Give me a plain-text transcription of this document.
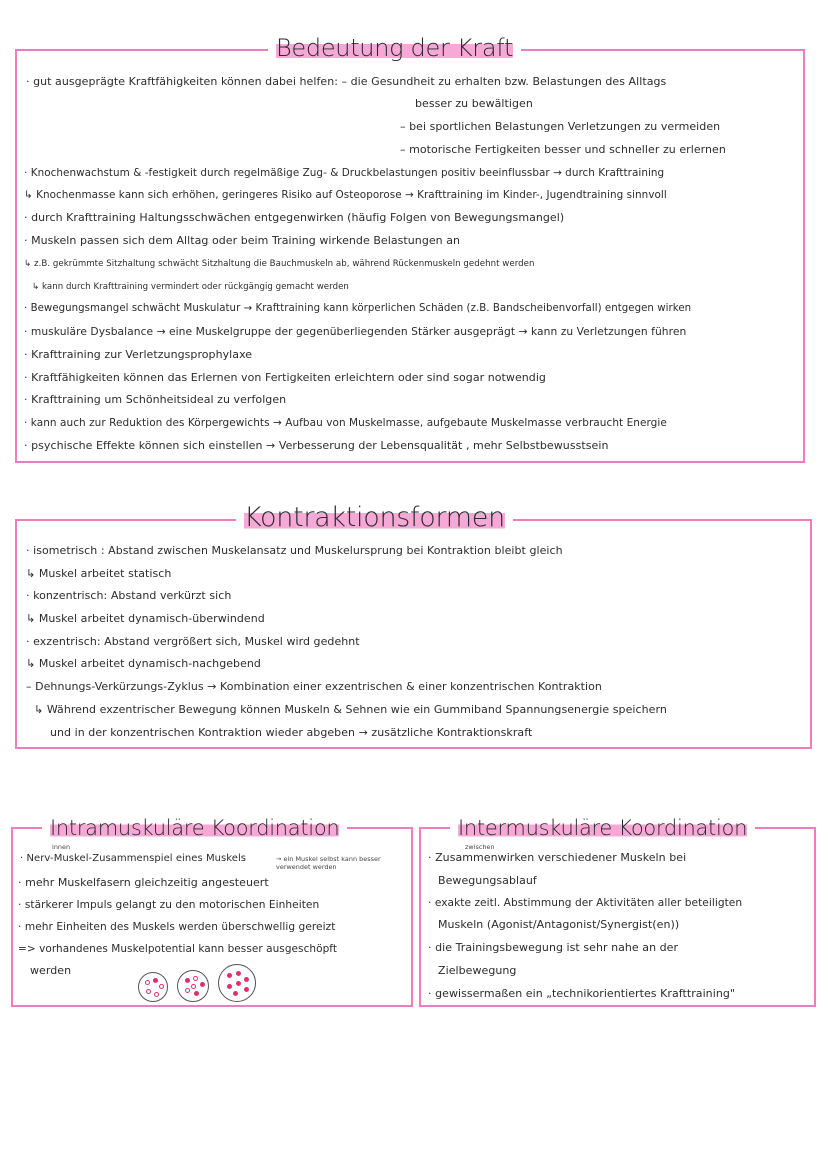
Bedeutung der Kraft
· gut ausgeprägte Kraftfähigkeiten können dabei helfen: – die Gesundheit zu erhalten bzw. Belastungen des Alltags
besser zu bewältigen
– bei sportlichen Belastungen Verletzungen zu vermeiden
– motorische Fertigkeiten besser und schneller zu erlernen
· Knochenwachstum & -festigkeit durch regelmäßige Zug- & Druckbelastungen positiv beeinflussbar → durch Krafttraining
↳ Knochenmasse kann sich erhöhen, geringeres Risiko auf Osteoporose → Krafttraining im Kinder-, Jugendtraining sinnvoll
· durch Krafttraining Haltungsschwächen entgegenwirken (häufig Folgen von Bewegungsmangel)
· Muskeln passen sich dem Alltag oder beim Training wirkende Belastungen an
↳ z.B. gekrümmte Sitzhaltung schwächt Sitzhaltung die Bauchmuskeln ab, während Rückenmuskeln gedehnt werden
↳ kann durch Krafttraining vermindert oder rückgängig gemacht werden
· Bewegungsmangel schwächt Muskulatur → Krafttraining kann körperlichen Schäden (z.B. Bandscheibenvorfall) entgegen wirken
· muskuläre Dysbalance → eine Muskelgruppe der gegenüberliegenden Stärker ausgeprägt → kann zu Verletzungen führen
· Krafttraining zur Verletzungsprophylaxe
· Kraftfähigkeiten können das Erlernen von Fertigkeiten erleichtern oder sind sogar notwendig
· Krafttraining um Schönheitsideal zu verfolgen
· kann auch zur Reduktion des Körpergewichts → Aufbau von Muskelmasse, aufgebaute Muskelmasse verbraucht Energie
· psychische Effekte können sich einstellen → Verbesserung der Lebensqualität , mehr Selbstbewusstsein
Kontraktionsformen
· isometrisch : Abstand zwischen Muskelansatz und Muskelursprung bei Kontraktion bleibt gleich
↳ Muskel arbeitet statisch
· konzentrisch: Abstand verkürzt sich
↳ Muskel arbeitet dynamisch-überwindend
· exzentrisch: Abstand vergrößert sich, Muskel wird gedehnt
↳ Muskel arbeitet dynamisch-nachgebend
– Dehnungs-Verkürzungs-Zyklus → Kombination einer exzentrischen & einer konzentrischen Kontraktion
↳ Während exzentrischer Bewegung können Muskeln & Sehnen wie ein Gummiband Spannungsenergie speichern
und in der konzentrischen Kontraktion wieder abgeben → zusätzliche Kontraktionskraft
Intramuskuläre Koordination
innen
· Nerv-Muskel-Zusammenspiel eines Muskels	→ ein Muskel selbst kann besser verwendet werden
· mehr Muskelfasern gleichzeitig angesteuert
· stärkerer Impuls gelangt zu den motorischen Einheiten
· mehr Einheiten des Muskels werden überschwellig gereizt
=> vorhandenes Muskelpotential kann besser ausgeschöpft
werden
Intermuskuläre Koordination
zwischen
· Zusammenwirken verschiedener Muskeln bei
Bewegungsablauf
· exakte zeitl. Abstimmung der Aktivitäten aller beteiligten
Muskeln (Agonist/Antagonist/Synergist(en))
· die Trainingsbewegung ist sehr nahe an der
Zielbewegung
· gewissermaßen ein „technikorientiertes Krafttraining"
